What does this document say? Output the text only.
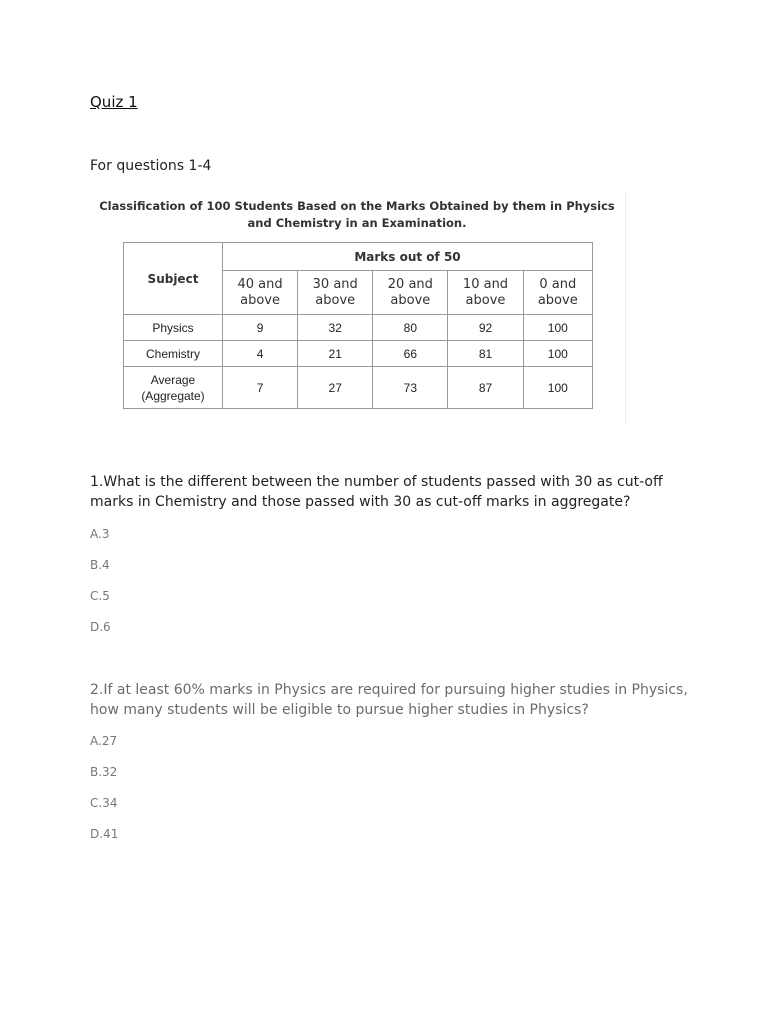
Quiz 1
For questions 1-4
Classification of 100 Students Based on the Marks Obtained by them in Physics and Chemistry in an Examination.
Subject	Marks out of 50				
	40 and above	30 and above	20 and above	10 and above	0 and above
Physics	9	32	80	92	100
Chemistry	4	21	66	81	100
Average (Aggregate)	7	27	73	87	100
1.What is the different between the number of students passed with 30 as cut-off marks in Chemistry and those passed with 30 as cut-off marks in aggregate?
A.3
B.4
C.5
D.6
2.If at least 60% marks in Physics are required for pursuing higher studies in Physics, how many students will be eligible to pursue higher studies in Physics?
A.27
B.32
C.34
D.41
